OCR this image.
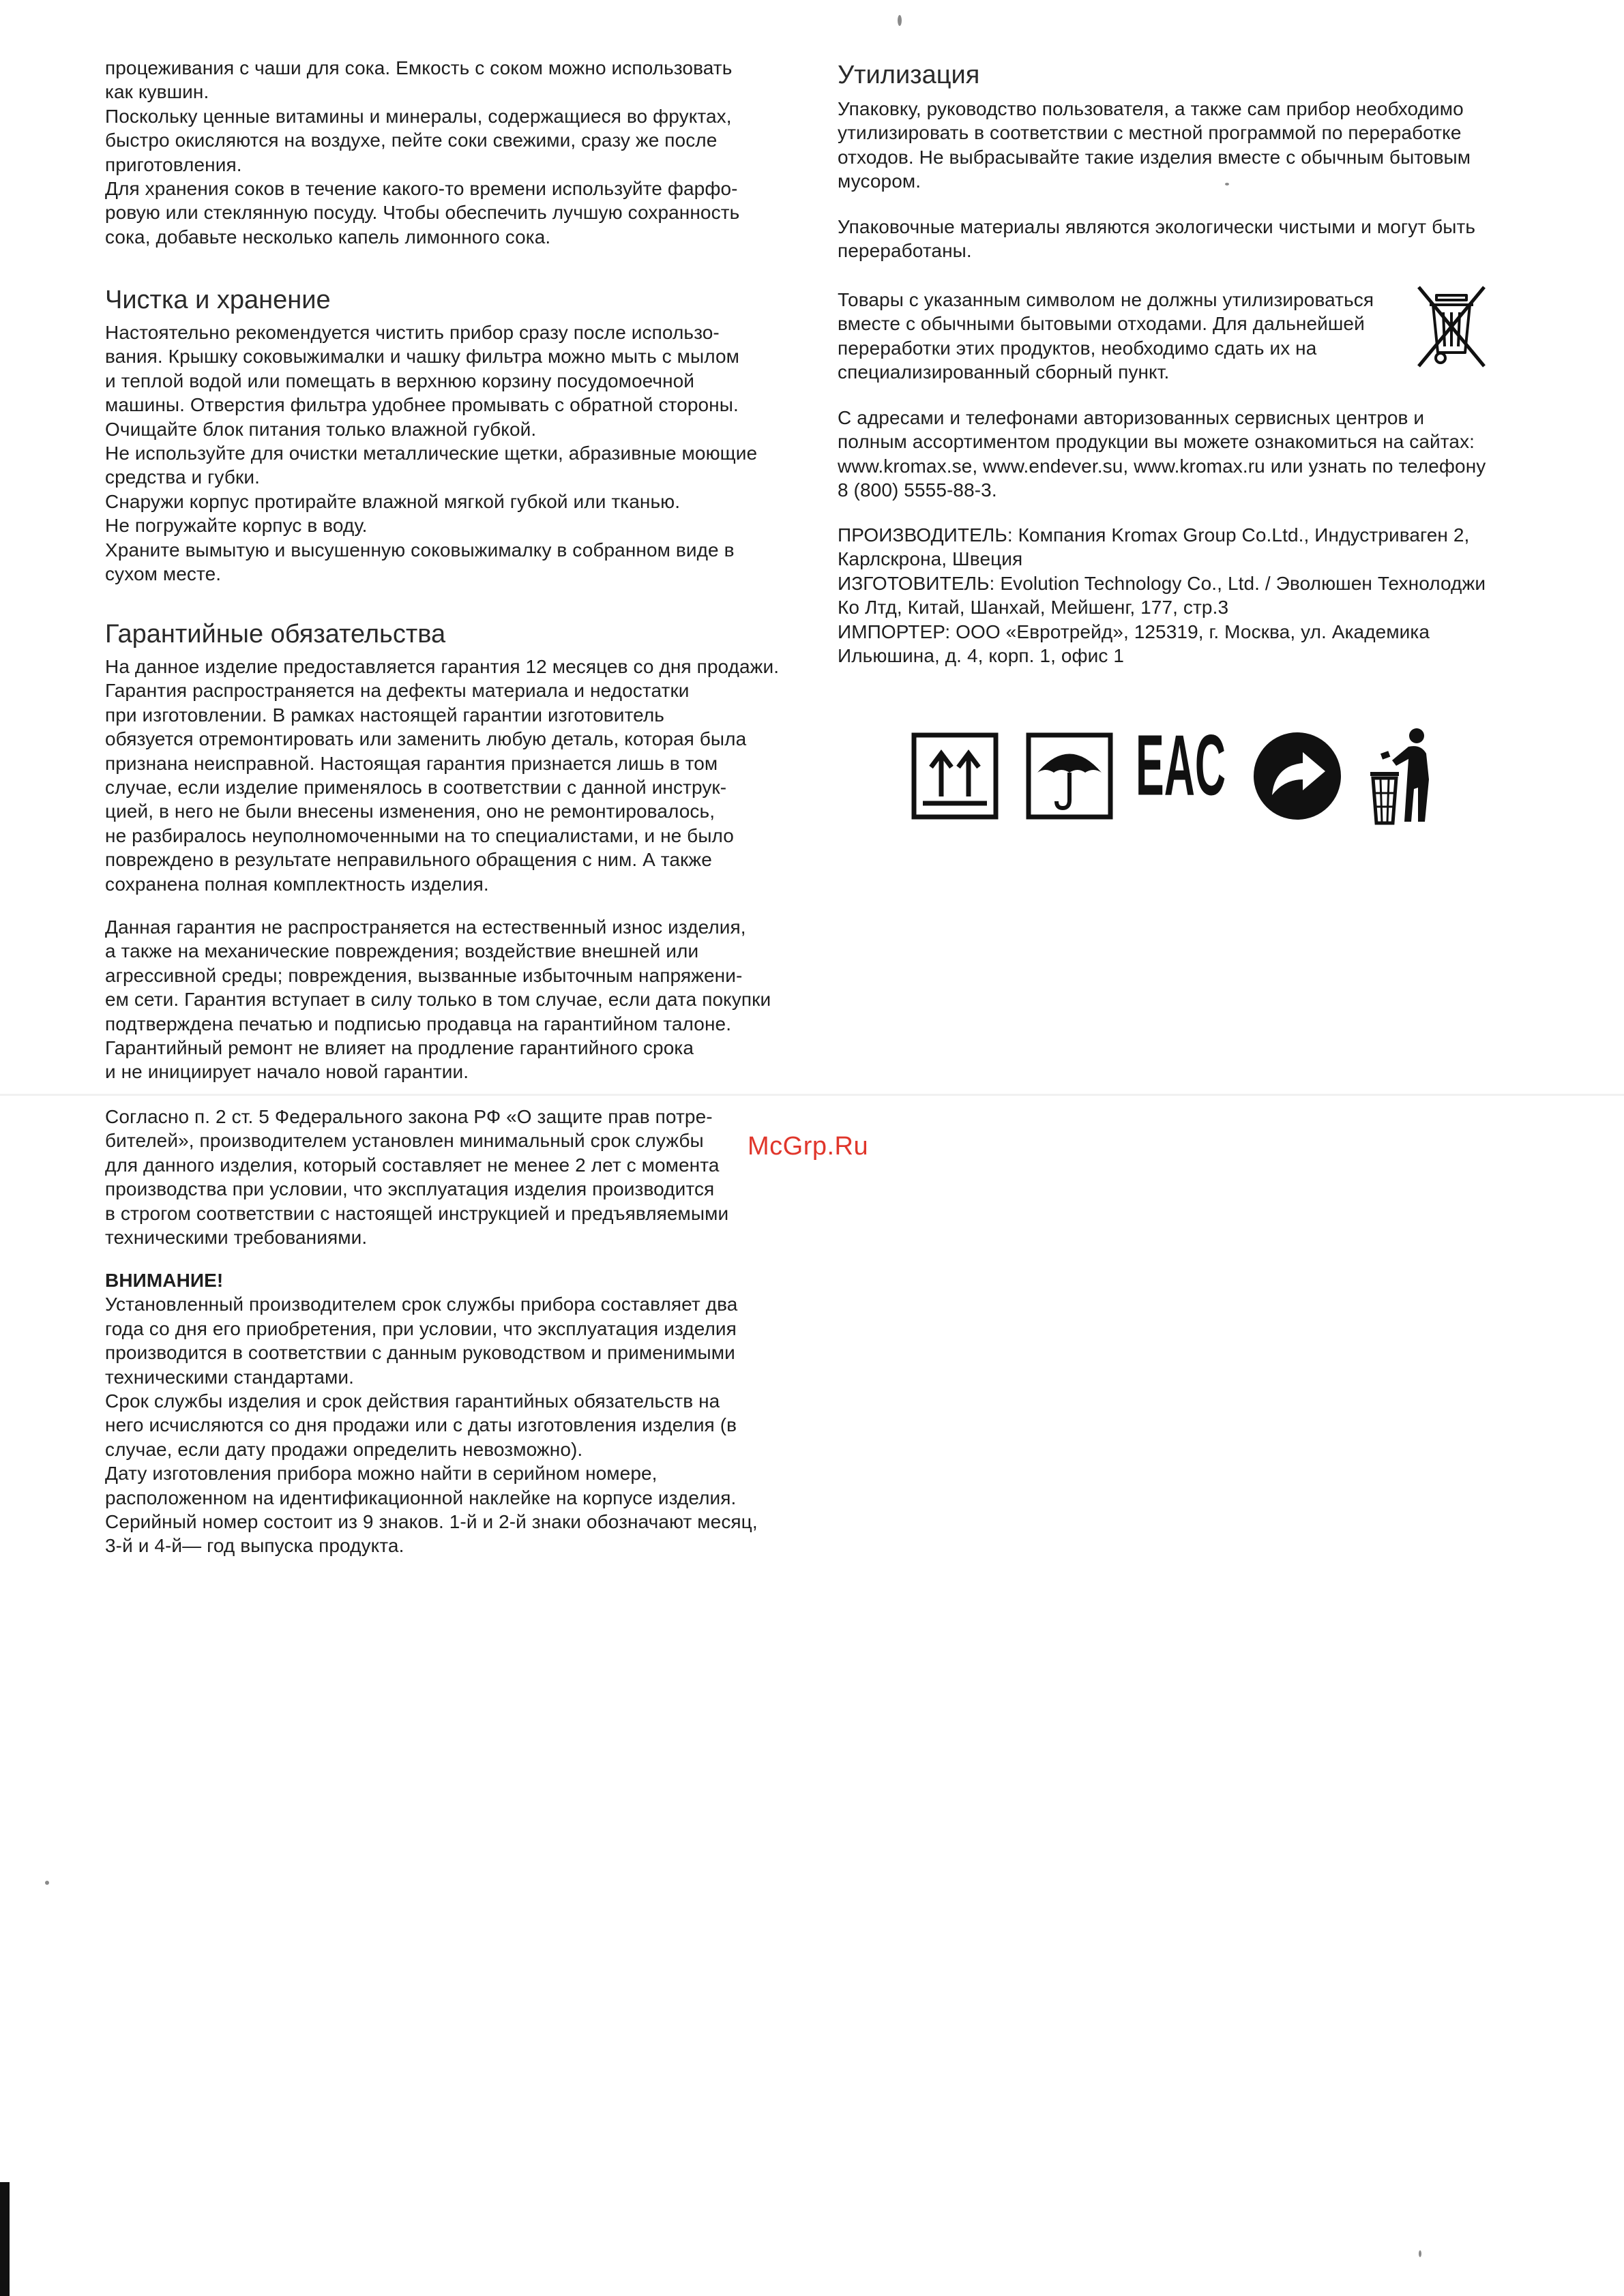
процеживания с чаши для сока. Емкость с соком можно использовать
как кувшин.
Поскольку ценные витамины и минералы, содержащиеся во фруктах,
быстро окисляются на воздухе, пейте соки свежими, сразу же после
приготовления.
Для хранения соков в течение какого-то времени используйте фарфо-
ровую или стеклянную посуду. Чтобы обеспечить лучшую сохранность
сока, добавьте несколько капель лимонного сока.

Чистка и хранение

Настоятельно рекомендуется чистить прибор сразу после использо-
вания. Крышку соковыжималки и чашку фильтра можно мыть с мылом
и теплой водой или помещать в верхнюю корзину посудомоечной
машины. Отверстия фильтра удобнее промывать с обратной стороны.
Очищайте блок питания только влажной губкой.
Не используйте для очистки металлические щетки, абразивные моющие
средства и губки.
Снаружи корпус протирайте влажной мягкой губкой или тканью.
Не погружайте корпус в воду.
Храните вымытую и высушенную соковыжималку в собранном виде в
сухом месте.

Гарантийные обязательства

На данное изделие предоставляется гарантия 12 месяцев со дня продажи.
Гарантия распространяется на дефекты материала и недостатки
при изготовлении. В рамках настоящей гарантии изготовитель
обязуется отремонтировать или заменить любую деталь, которая была
признана неисправной. Настоящая гарантия признается лишь в том
случае, если изделие применялось в соответствии с данной инструк-
цией, в него не были внесены изменения, оно не ремонтировалось,
не разбиралось неуполномоченными на то специалистами, и не было
повреждено в результате неправильного обращения с ним. А также
сохранена полная комплектность изделия.

Данная гарантия не распространяется на естественный износ изделия,
а также на механические повреждения; воздействие внешней или
агрессивной среды; повреждения, вызванные избыточным напряжени-
ем сети. Гарантия вступает в силу только в том случае, если дата покупки
подтверждена печатью и подписью продавца на гарантийном талоне.
Гарантийный ремонт не влияет на продление гарантийного срока
и не инициирует начало новой гарантии.

Согласно п. 2 ст. 5 Федерального закона РФ «О защите прав потре-
бителей», производителем установлен минимальный срок службы
для данного изделия, который составляет не менее 2 лет с момента
производства при условии, что эксплуатация изделия производится
в строгом соответствии с настоящей инструкцией и предъявляемыми
техническими требованиями.

ВНИМАНИЕ!
Установленный производителем срок службы прибора составляет два
года со дня его приобретения, при условии, что эксплуатация изделия
производится в соответствии с данным руководством и применимыми
техническими стандартами.
Срок службы изделия и срок действия гарантийных обязательств на
него исчисляются со дня продажи или с даты изготовления изделия (в
случае, если дату продажи определить невозможно).
Дату изготовления прибора можно найти в серийном номере,
расположенном на идентификационной наклейке на корпусе изделия.
Серийный номер состоит из 9 знаков. 1-й и 2-й знаки обозначают месяц,
3-й и 4-й— год выпуска продукта.

Утилизация

Упаковку, руководство пользователя, а также сам прибор необходимо
утилизировать в соответствии с местной программой по переработке
отходов. Не выбрасывайте такие изделия вместе с обычным бытовым
мусором.

Упаковочные материалы являются экологически чистыми и могут быть
переработаны.

Товары с указанным символом не должны утилизироваться
вместе с обычными бытовыми отходами. Для дальнейшей
переработки этих продуктов, необходимо сдать их на
специализированный сборный пункт.

С адресами и телефонами авторизованных сервисных центров и
полным ассортиментом продукции вы можете ознакомиться на сайтах:
www.kromax.se, www.endever.su, www.kromax.ru или узнать по телефону
8 (800) 5555-88-3.

ПРОИЗВОДИТЕЛЬ: Компания Kromax Group Co.Ltd., Индустриваген 2,
Карлскрона, Швеция
ИЗГОТОВИТЕЛЬ: Evolution Technology Co., Ltd. / Эволюшен Технолоджи
Ко Лтд, Китай, Шанхай, Мейшенг, 177, стр.3
ИМПОРТЕР: ООО «Евротрейд», 125319, г. Москва, ул. Академика
Ильюшина, д. 4, корп. 1, офис 1

EAC
McGrp.Ru
